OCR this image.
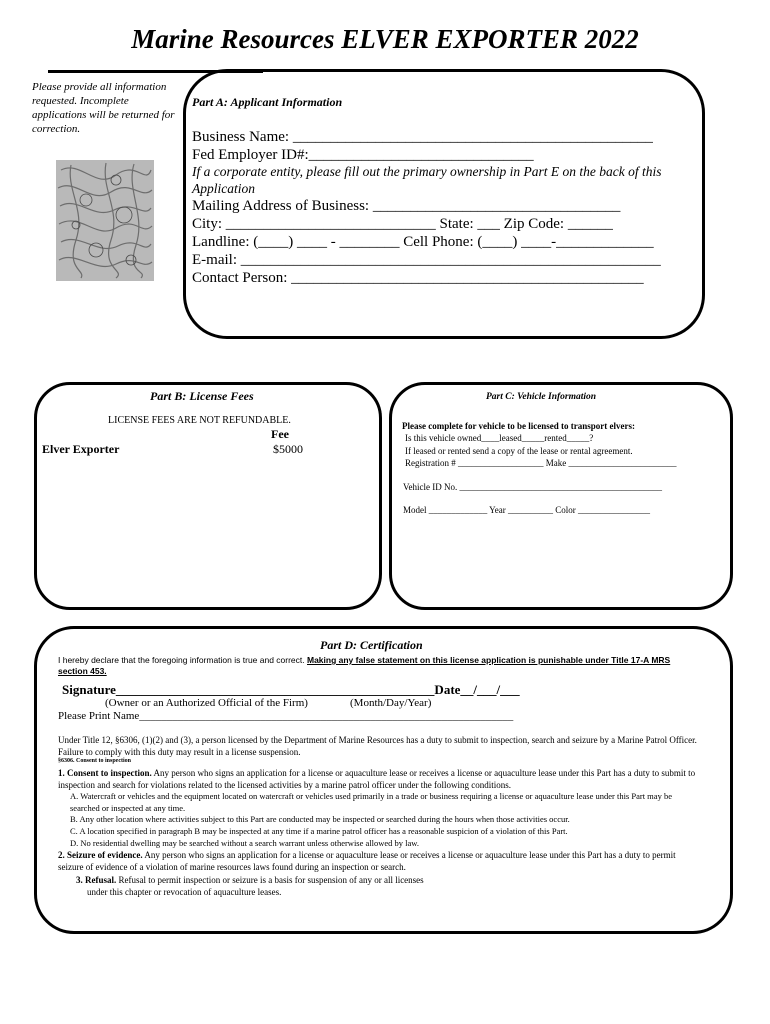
Marine Resources ELVER EXPORTER 2022
Please provide all information requested. Incomplete applications will be returned for correction.
Part A: Applicant Information
Business Name: ________________________________________________
Fed Employer ID#:______________________________
If a corporate entity, please fill out the primary ownership in Part E on the back of this Application
Mailing Address of Business: _________________________________
City: ____________________________ State: ___ Zip Code: ______
Landline: (____) ____ - ________ Cell Phone: (____) ____-_____________
E-mail: ________________________________________________________
Contact Person: _______________________________________________
Part B: License Fees
LICENSE FEES ARE NOT REFUNDABLE.
Fee
Elver Exporter	$5000
Part C: Vehicle Information
Please complete for vehicle to be licensed to transport elvers:
Is this vehicle owned____leased_____rented_____?
If leased or rented send a copy of the lease or rental agreement.
Registration # ___________________ Make ________________________
Vehicle ID No. _____________________________________________
Model _____________ Year __________ Color ________________
Part D: Certification
I hereby declare that the foregoing information is true and correct. Making any false statement on this license application is punishable under Title 17-A MRS section 453.
Signature_________________________________________________Date__/___/___
(Owner or an Authorized Official of the Firm)	(Month/Day/Year)
Please Print Name____________________________________________________________________
Under Title 12, §6306, (1)(2) and (3), a person licensed by the Department of Marine Resources has a duty to submit to inspection, search and seizure by a Marine Patrol Officer. Failure to comply with this duty may result in a license suspension.
§6306. Consent to inspection
1. Consent to inspection. Any person who signs an application for a license or aquaculture lease or receives a license or aquaculture lease under this Part has a duty to submit to inspection and search for violations related to the licensed activities by a marine patrol officer under the following conditions.
A. Watercraft or vehicles and the equipment located on watercraft or vehicles used primarily in a trade or business requiring a license or aquaculture lease under this Part may be searched or inspected at any time.
B. Any other location where activities subject to this Part are conducted may be inspected or searched during the hours when those activities occur.
C. A location specified in paragraph B may be inspected at any time if a marine patrol officer has a reasonable suspicion of a violation of this Part.
D. No residential dwelling may be searched without a search warrant unless otherwise allowed by law.
2. Seizure of evidence. Any person who signs an application for a license or aquaculture lease or receives a license or aquaculture lease under this Part has a duty to permit seizure of evidence of a violation of marine resources laws found during an inspection or search.
3. Refusal. Refusal to permit inspection or seizure is a basis for suspension of any or all licenses
under this chapter or revocation of aquaculture leases.
